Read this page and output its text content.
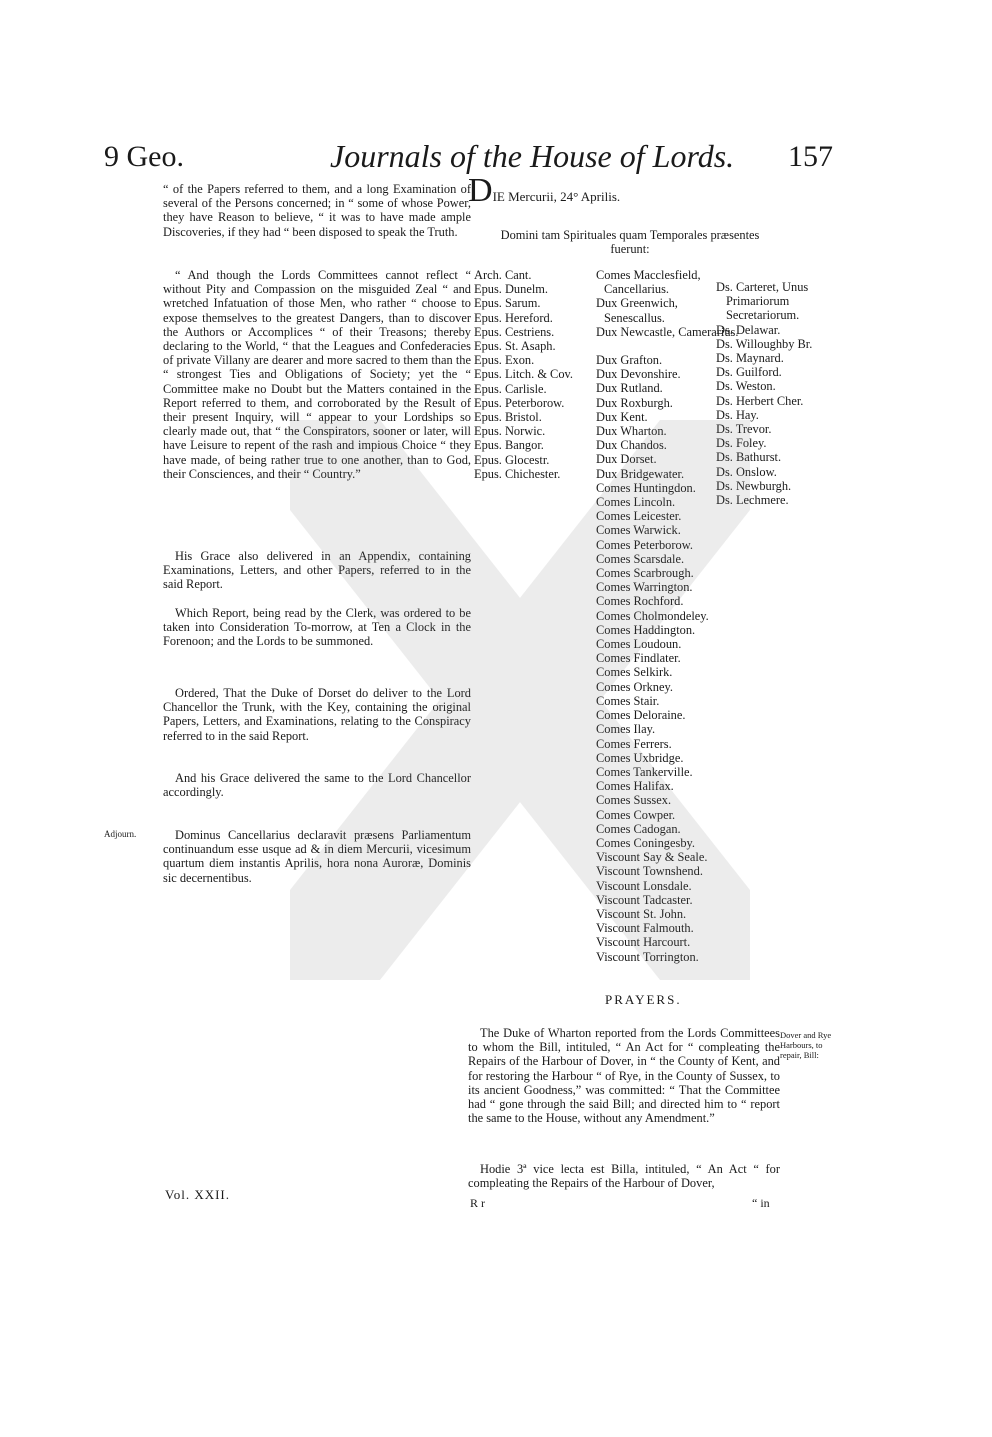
9 Geo.	Journals of the House of Lords. 157

“ of the Papers referred to them, and a long Examination of several of the Persons concerned; in “ some of whose Power, they have Reason to believe, “ it was to have made ample Discoveries, if they had “ been disposed to speak the Truth.

“ And though the Lords Committees cannot reflect “ without Pity and Compassion on the misguided Zeal “ and wretched Infatuation of those Men, who rather “ choose to expose themselves to the greatest Dangers, than to discover the Authors or Accomplices “ of their Treasons; thereby declaring to the World, “ that the Leagues and Confederacies of private Villany are dearer and more sacred to them than the “ strongest Ties and Obligations of Society; yet the “ Committee make no Doubt but the Matters contained in the Report referred to them, and corroborated by the Result of their present Inquiry, will “ appear to your Lordships so clearly made out, that “ the Conspirators, sooner or later, will have Leisure to repent of the rash and impious Choice “ they have made, of being rather true to one another, than to God, their Consciences, and their “ Country.”

His Grace also delivered in an Appendix, containing Examinations, Letters, and other Papers, referred to in the said Report.

Which Report, being read by the Clerk, was ordered to be taken into Consideration To-morrow, at Ten a Clock in the Forenoon; and the Lords to be summoned.

Ordered, That the Duke of Dorset do deliver to the Lord Chancellor the Trunk, with the Key, containing the original Papers, Letters, and Examinations, relating to the Conspiracy referred to in the said Report.

And his Grace delivered the same to the Lord Chancellor accordingly.

Adjourn.	Dominus Cancellarius declaravit præsens Parliamentum continuandum esse usque ad & in diem Mercurii, vicesimum quartum diem instantis Aprilis, hora nona Auroræ, Dominis sic decernentibus.

DIE Mercurii, 24° Aprilis.
Domini tam Spirituales quam Temporales præsentes fuerunt:
Arch. Cant.
Epus. Dunelm.
Epus. Sarum.
Epus. Hereford.
Epus. Cestriens.
Epus. St. Asaph.
Epus. Exon.
Epus. Litch. & Cov.
Epus. Carlisle.
Epus. Peterborow.
Epus. Bristol.
Epus. Norwic.
Epus. Bangor.
Epus. Glocestr.
Epus. Chichester.
Comes Macclesfield,
Cancellarius.
Dux Greenwich,
Senescallus.
Dux Newcastle, Camerarius.
Dux Grafton.
Dux Devonshire.
Dux Rutland.
Dux Roxburgh.
Dux Kent.
Dux Wharton.
Dux Chandos.
Dux Dorset.
Dux Bridgewater.
Comes Huntingdon.
Comes Lincoln.
Comes Leicester.
Comes Warwick.
Comes Peterborow.
Comes Scarsdale.
Comes Scarbrough.
Comes Warrington.
Comes Rochford.
Comes Cholmondeley.
Comes Haddington.
Comes Loudoun.
Comes Findlater.
Comes Selkirk.
Comes Orkney.
Comes Stair.
Comes Deloraine.
Comes Ilay.
Comes Ferrers.
Comes Uxbridge.
Comes Tankerville.
Comes Halifax.
Comes Sussex.
Comes Cowper.
Comes Cadogan.
Comes Coningesby.
Viscount Say & Seale.
Viscount Townshend.
Viscount Lonsdale.
Viscount Tadcaster.
Viscount St. John.
Viscount Falmouth.
Viscount Harcourt.
Viscount Torrington.
Ds. Carteret, Unus
Primariorum Secretariorum.
Ds. Delawar.
Ds. Willoughby Br.
Ds. Maynard.
Ds. Guilford.
Ds. Weston.
Ds. Herbert Cher.
Ds. Hay.
Ds. Trevor.
Ds. Foley.
Ds. Bathurst.
Ds. Onslow.
Ds. Newburgh.
Ds. Lechmere.
PRAYERS.

The Duke of Wharton reported from the Lords Committees to whom the Bill, intituled, “ An Act for “ compleating the Repairs of the Harbour of Dover, in “ the County of Kent, and for restoring the Harbour “ of Rye, in the County of Sussex, to its ancient Goodness,” was committed: “ That the Committee had “ gone through the said Bill; and directed him to “ report the same to the House, without any Amendment.”

Dover and Rye Harbours, to repair, Bill:

Hodie 3ª vice lecta est Billa, intituled, “ An Act “ for compleating the Repairs of the Harbour of Dover,

Vol. XXII.
R r	“ in
